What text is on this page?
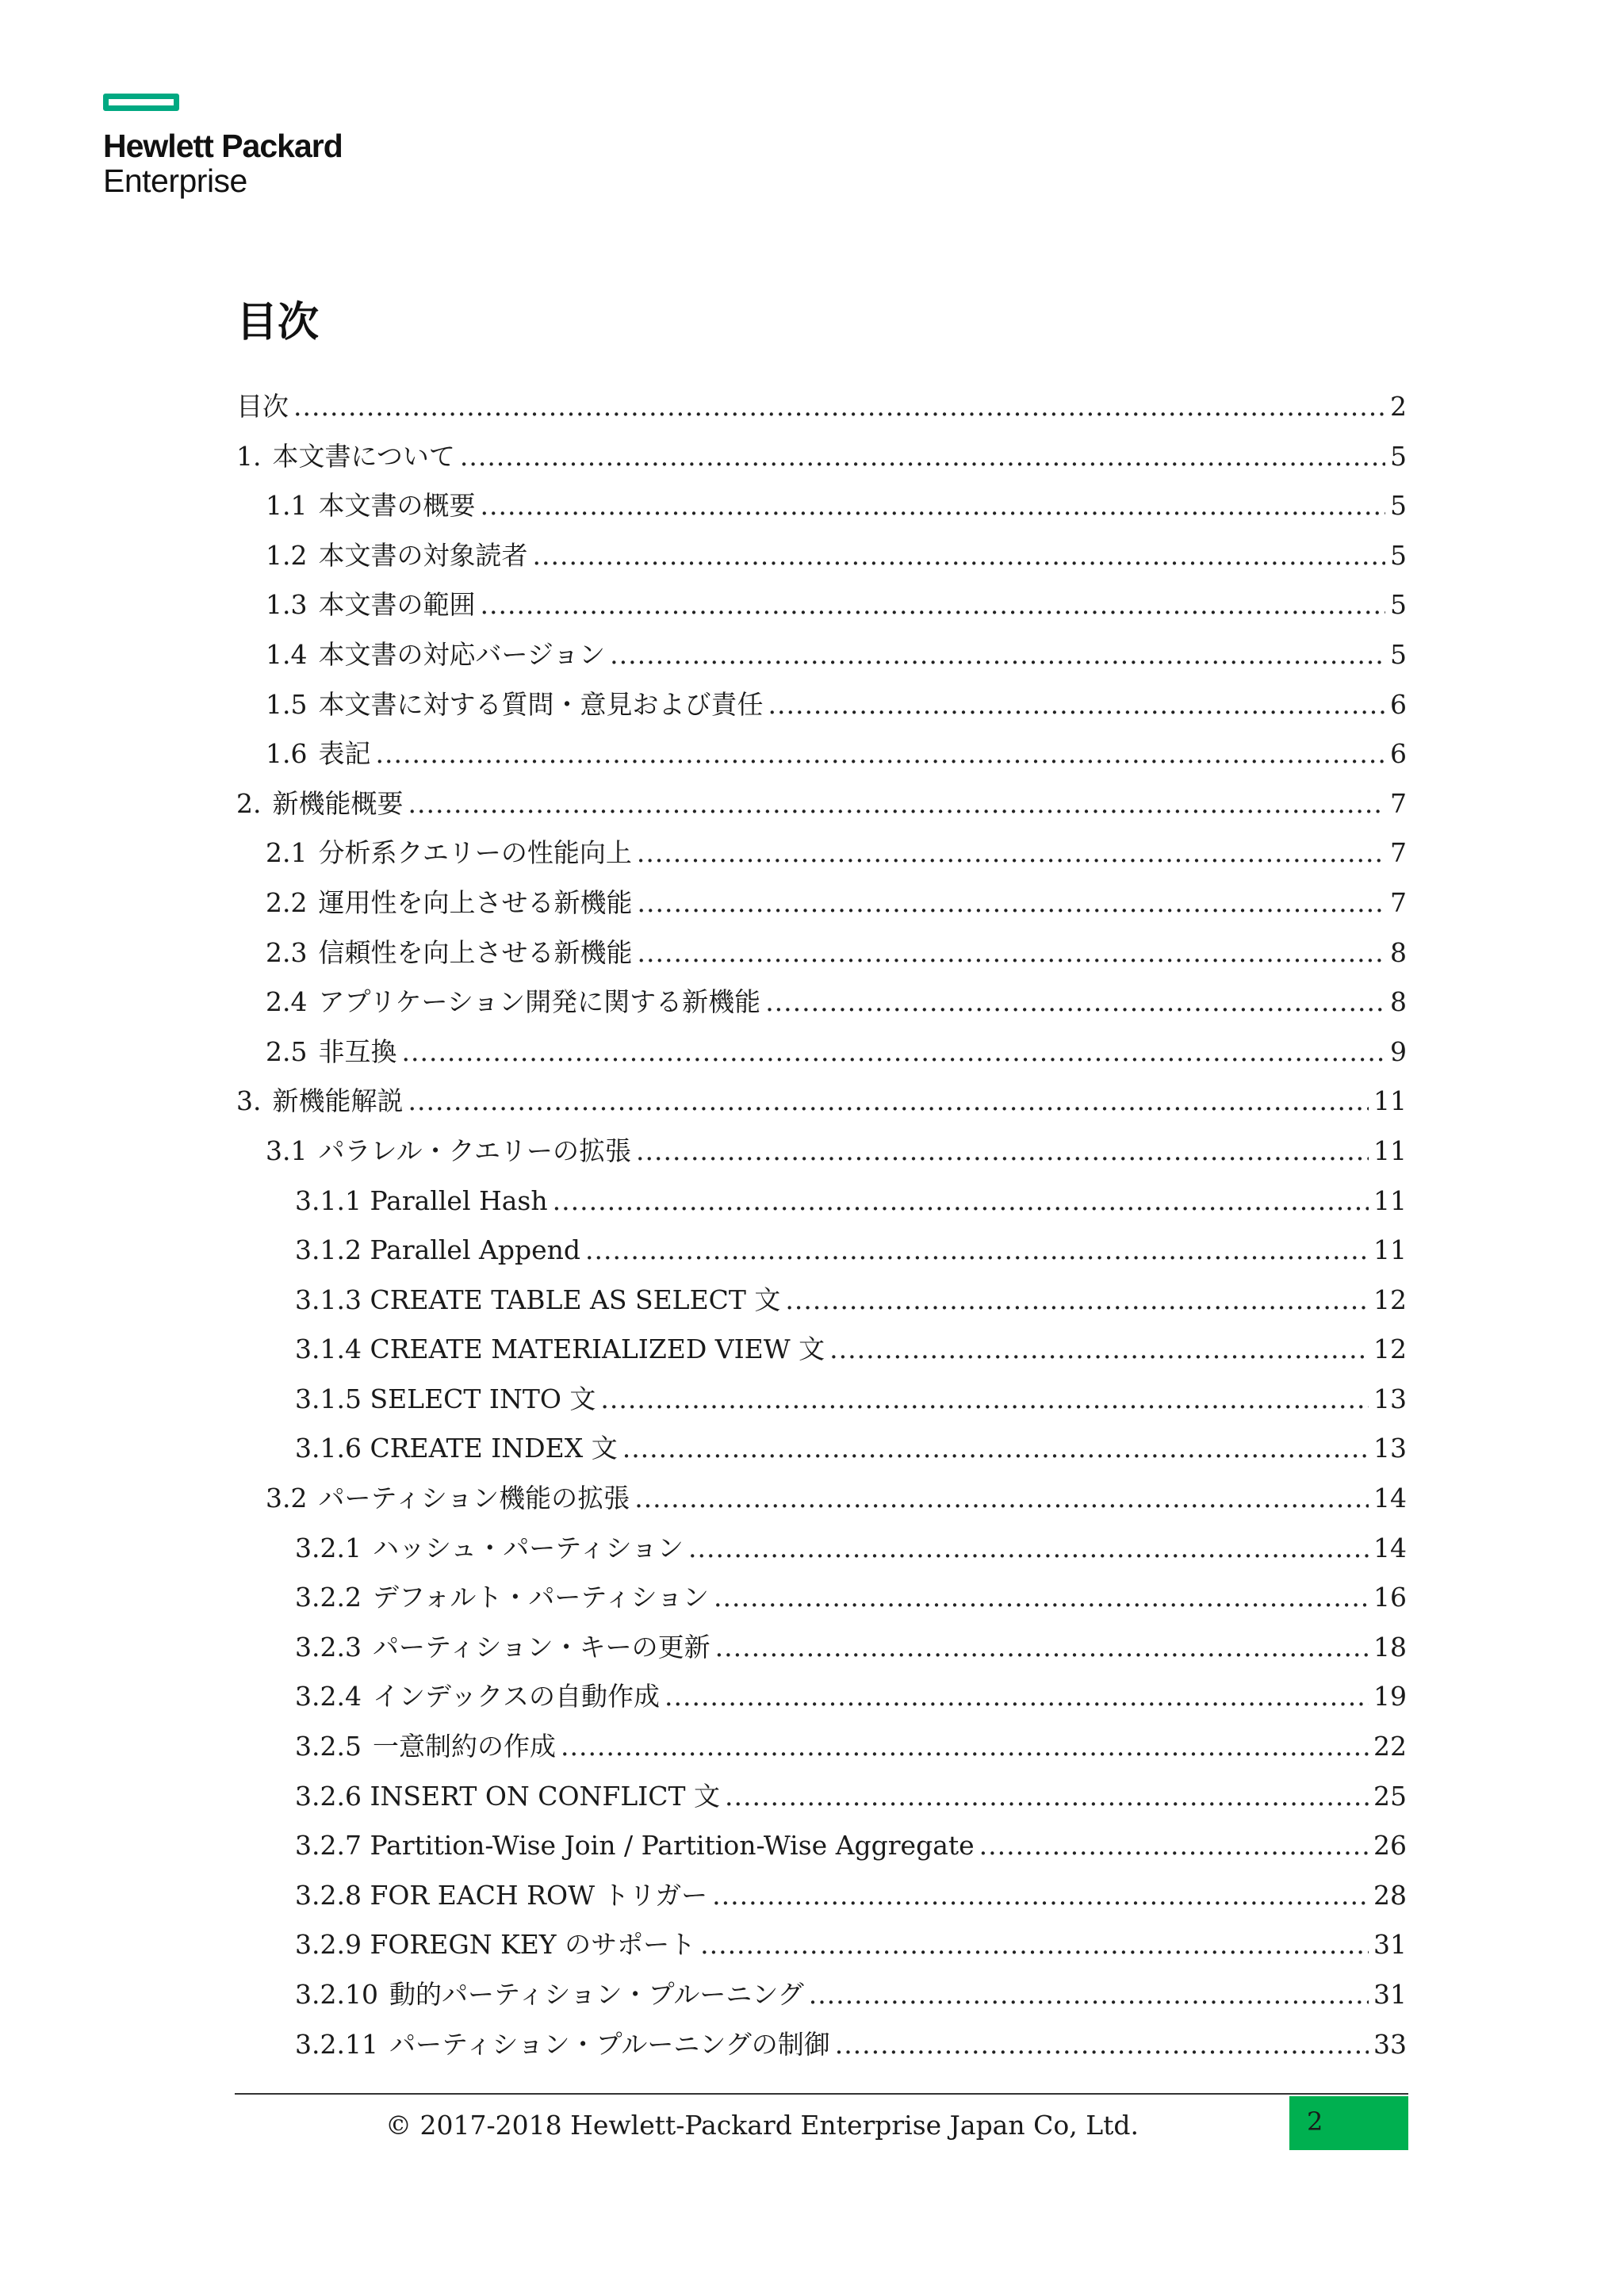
Hewlett Packard
Enterprise
目次
目次 .....	2
1. 本文書について .....	5
1.1 本文書の概要 .....	5
1.2 本文書の対象読者 .....	5
1.3 本文書の範囲 .....	5
1.4 本文書の対応バージョン .....	5
1.5 本文書に対する質問・意見および責任 .....	6
1.6 表記 .....	6
2. 新機能概要 .....	7
2.1 分析系クエリーの性能向上 .....	7
2.2 運用性を向上させる新機能 .....	7
2.3 信頼性を向上させる新機能 .....	8
2.4 アプリケーション開発に関する新機能 .....	8
2.5 非互換 .....	9
3. 新機能解説 .....	11
3.1 パラレル・クエリーの拡張 .....	11
3.1.1 Parallel Hash .....	11
3.1.2 Parallel Append .....	11
3.1.3 CREATE TABLE AS SELECT 文 .....	12
3.1.4 CREATE MATERIALIZED VIEW 文 .....	12
3.1.5 SELECT INTO 文 .....	13
3.1.6 CREATE INDEX 文 .....	13
3.2 パーティション機能の拡張 .....	14
3.2.1 ハッシュ・パーティション .....	14
3.2.2 デフォルト・パーティション .....	16
3.2.3 パーティション・キーの更新 .....	18
3.2.4 インデックスの自動作成 .....	19
3.2.5 一意制約の作成 .....	22
3.2.6 INSERT ON CONFLICT 文 .....	25
3.2.7 Partition-Wise Join / Partition-Wise Aggregate .....	26
3.2.8 FOR EACH ROW トリガー .....	28
3.2.9 FOREGN KEY のサポート .....	31
3.2.10 動的パーティション・プルーニング .....	31
3.2.11 パーティション・プルーニングの制御 .....	33
© 2017-2018 Hewlett-Packard Enterprise Japan Co, Ltd.	2
